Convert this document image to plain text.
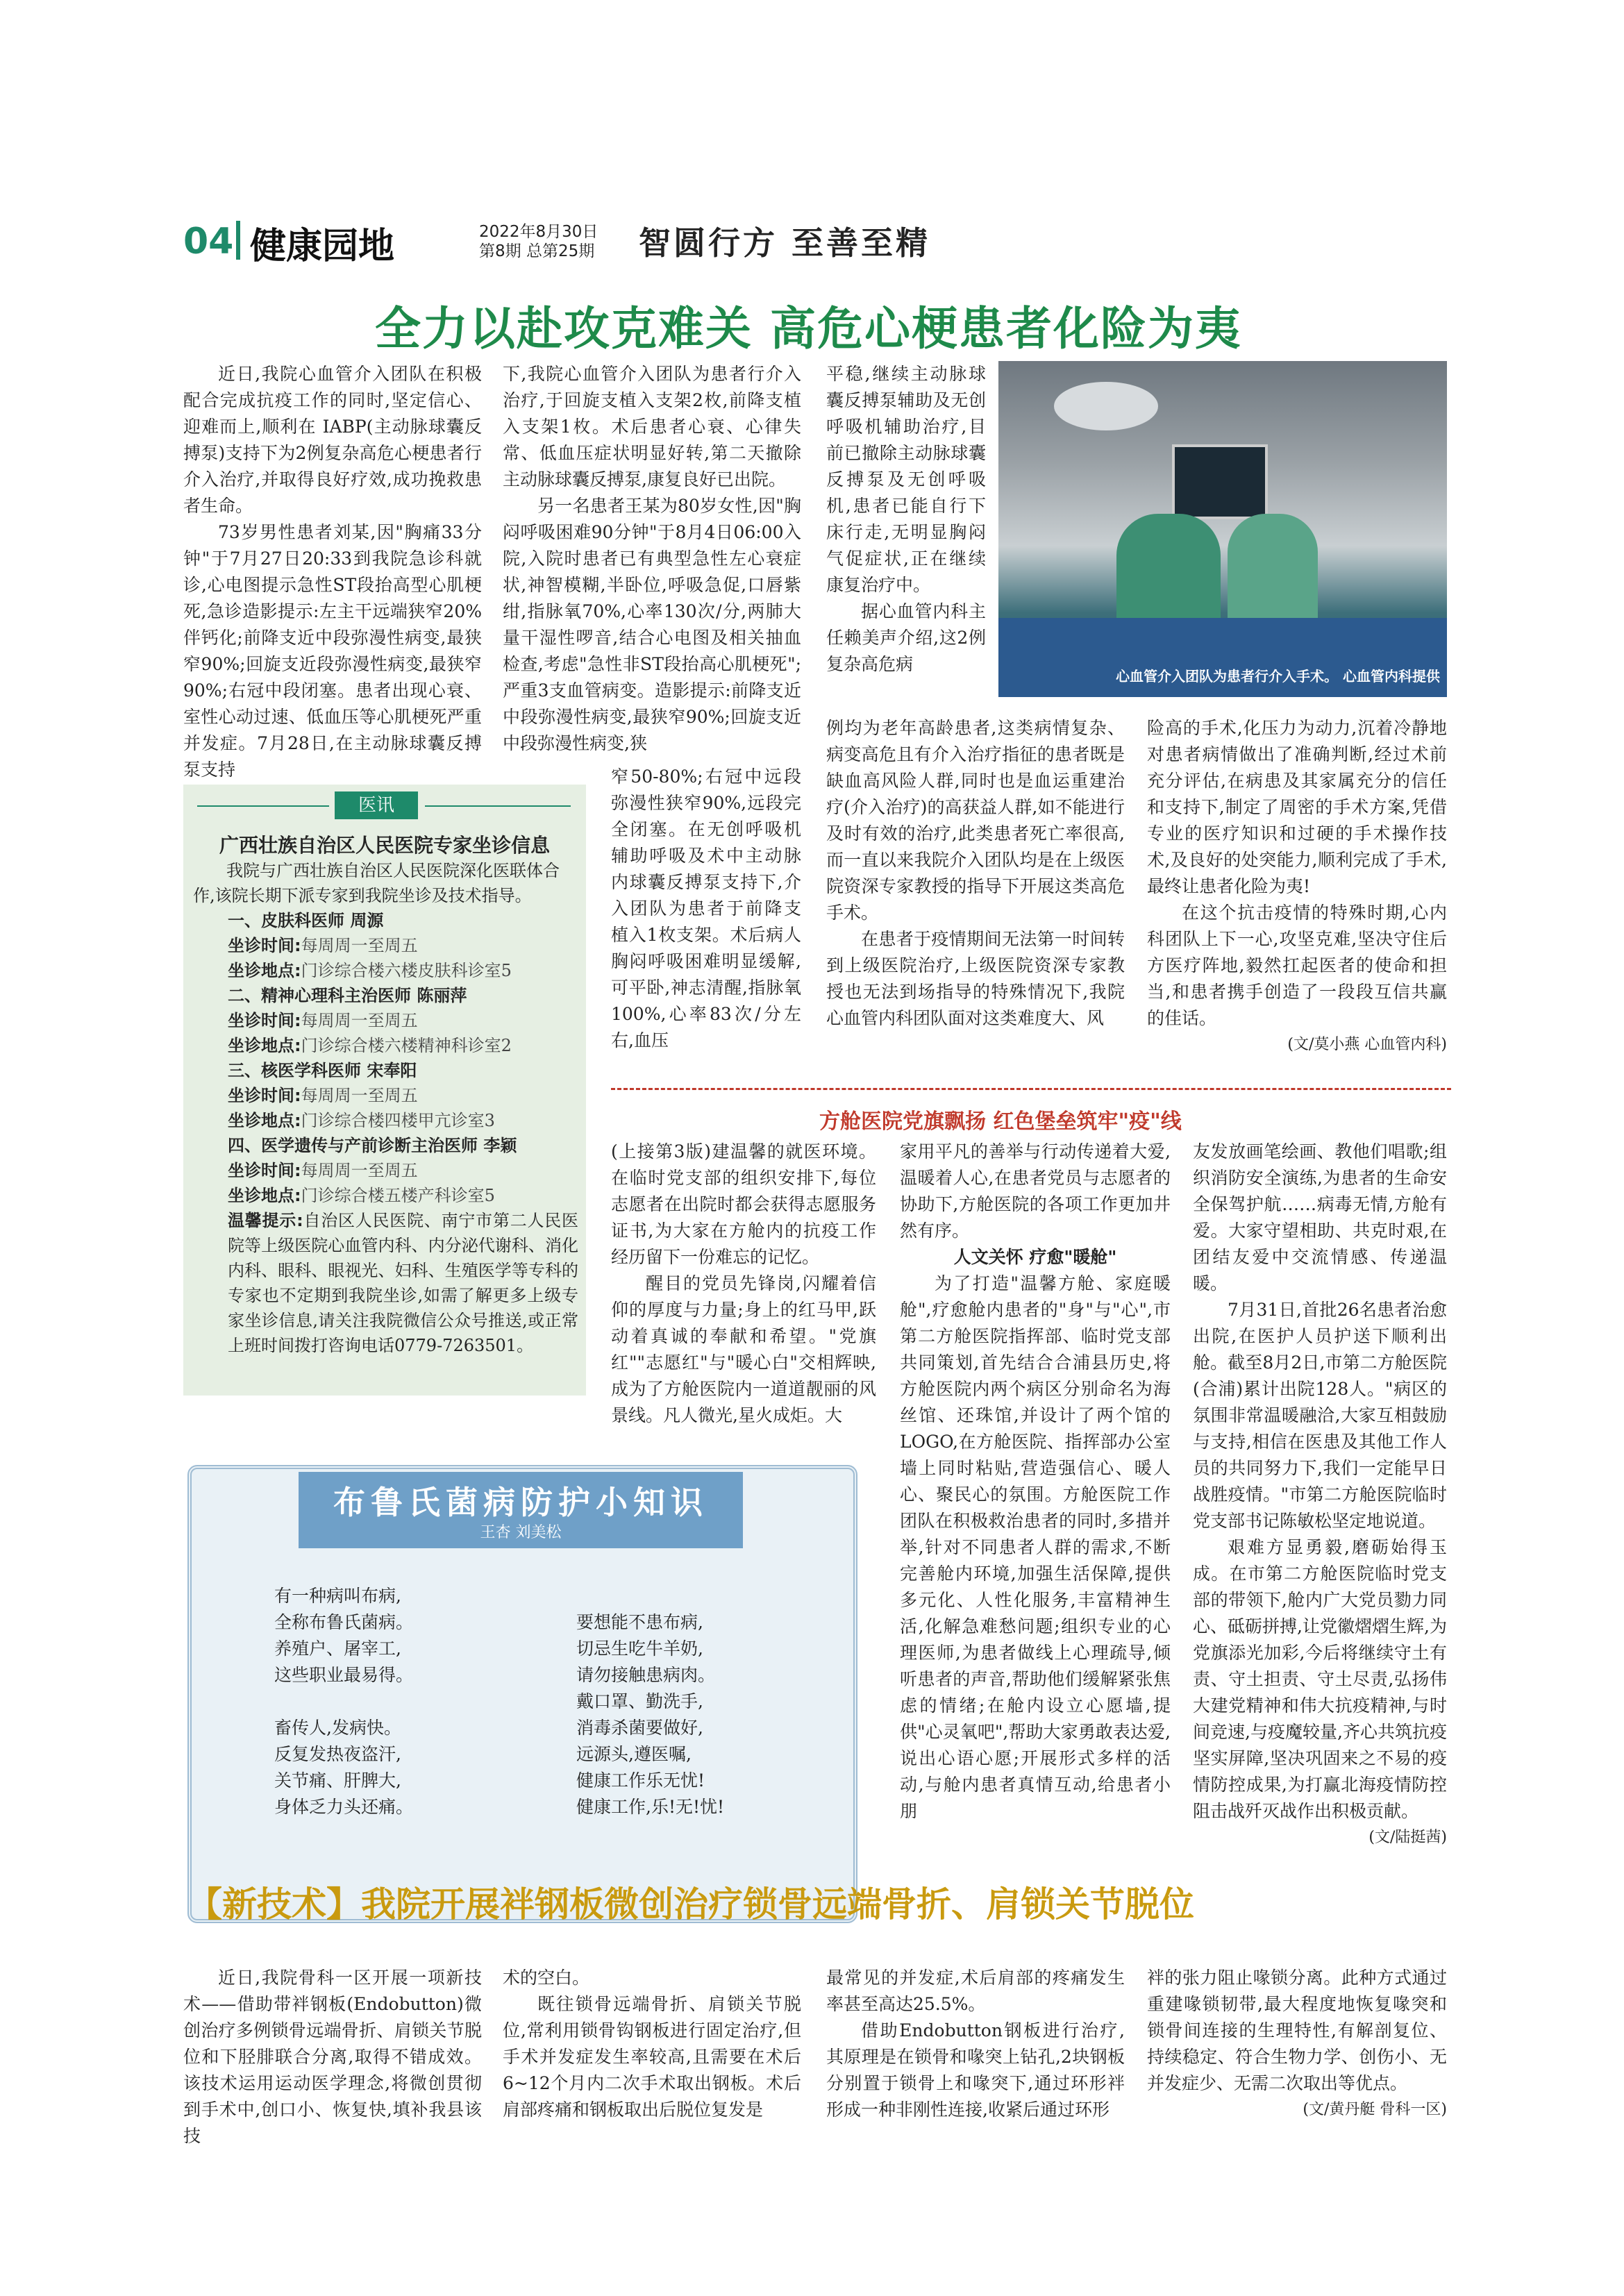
04 健康园地	2022年8月30日
第8期 总第25期 智圆行方 至善至精
全力以赴攻克难关 高危心梗患者化险为夷

近日,我院心血管介入团队在积极配合完成抗疫工作的同时,坚定信心、迎难而上,顺利在 IABP(主动脉球囊反搏泵)支持下为2例复杂高危心梗患者行介入治疗,并取得良好疗效,成功挽救患者生命。

73岁男性患者刘某,因"胸痛33分钟"于7月27日20:33到我院急诊科就诊,心电图提示急性ST段抬高型心肌梗死,急诊造影提示:左主干远端狭窄20%伴钙化;前降支近中段弥漫性病变,最狭窄90%;回旋支近段弥漫性病变,最狭窄90%;右冠中段闭塞。患者出现心衰、室性心动过速、低血压等心肌梗死严重并发症。7月28日,在主动脉球囊反搏泵支持

下,我院心血管介入团队为患者行介入治疗,于回旋支植入支架2枚,前降支植入支架1枚。术后患者心衰、心律失常、低血压症状明显好转,第二天撤除主动脉球囊反搏泵,康复良好已出院。

另一名患者王某为80岁女性,因"胸闷呼吸困难90分钟"于8月4日06:00入院,入院时患者已有典型急性左心衰症状,神智模糊,半卧位,呼吸急促,口唇紫绀,指脉氧70%,心率130次/分,两肺大量干湿性啰音,结合心电图及相关抽血检查,考虑"急性非ST段抬高心肌梗死";严重3支血管病变。造影提示:前降支近中段弥漫性病变,最狭窄90%;回旋支近中段弥漫性病变,狭

窄50-80%;右冠中远段弥漫性狭窄90%,远段完全闭塞。在无创呼吸机辅助呼吸及术中主动脉内球囊反搏泵支持下,介入团队为患者于前降支植入1枚支架。术后病人胸闷呼吸困难明显缓解,可平卧,神志清醒,指脉氧100%,心率83次/分左右,血压

平稳,继续主动脉球囊反搏泵辅助及无创呼吸机辅助治疗,目前已撤除主动脉球囊反搏泵及无创呼吸机,患者已能自行下床行走,无明显胸闷气促症状,正在继续康复治疗中。

据心血管内科主任赖美声介绍,这2例复杂高危病

例均为老年高龄患者,这类病情复杂、病变高危且有介入治疗指征的患者既是缺血高风险人群,同时也是血运重建治疗(介入治疗)的高获益人群,如不能进行及时有效的治疗,此类患者死亡率很高,而一直以来我院介入团队均是在上级医院资深专家教授的指导下开展这类高危手术。

在患者于疫情期间无法第一时间转到上级医院治疗,上级医院资深专家教授也无法到场指导的特殊情况下,我院心血管内科团队面对这类难度大、风

险高的手术,化压力为动力,沉着冷静地对患者病情做出了准确判断,经过术前充分评估,在病患及其家属充分的信任和支持下,制定了周密的手术方案,凭借专业的医疗知识和过硬的手术操作技术,及良好的处突能力,顺利完成了手术,最终让患者化险为夷!

在这个抗击疫情的特殊时期,心内科团队上下一心,攻坚克难,坚决守住后方医疗阵地,毅然扛起医者的使命和担当,和患者携手创造了一段段互信共赢的佳话。

(文/莫小燕 心血管内科)
心血管介入团队为患者行介入手术。 心血管内科提供
医讯
广西壮族自治区人民医院专家坐诊信息

我院与广西壮族自治区人民医院深化医联体合作,该院长期下派专家到我院坐诊及技术指导。

一、皮肤科医师 周源

坐诊时间:每周周一至周五

坐诊地点:门诊综合楼六楼皮肤科诊室5

二、精神心理科主治医师 陈丽萍

坐诊时间:每周周一至周五

坐诊地点:门诊综合楼六楼精神科诊室2

三、核医学科医师 宋奉阳

坐诊时间:每周周一至周五

坐诊地点:门诊综合楼四楼甲亢诊室3

四、医学遗传与产前诊断主治医师 李颖

坐诊时间:每周周一至周五

坐诊地点:门诊综合楼五楼产科诊室5

温馨提示:自治区人民医院、南宁市第二人民医院等上级医院心血管内科、内分泌代谢科、消化内科、眼科、眼视光、妇科、生殖医学等专科的专家也不定期到我院坐诊,如需了解更多上级专家坐诊信息,请关注我院微信公众号推送,或正常上班时间拨打咨询电话0779-7263501。

方舱医院党旗飘扬 红色堡垒筑牢"疫"线

(上接第3版)建温馨的就医环境。在临时党支部的组织安排下,每位志愿者在出院时都会获得志愿服务证书,为大家在方舱内的抗疫工作经历留下一份难忘的记忆。

醒目的党员先锋岗,闪耀着信仰的厚度与力量;身上的红马甲,跃动着真诚的奉献和希望。"党旗红""志愿红"与"暖心白"交相辉映,成为了方舱医院内一道道靓丽的风景线。凡人微光,星火成炬。大

家用平凡的善举与行动传递着大爱,温暖着人心,在患者党员与志愿者的协助下,方舱医院的各项工作更加井然有序。

人文关怀 疗愈"暖舱"

为了打造"温馨方舱、家庭暖舱",疗愈舱内患者的"身"与"心",市第二方舱医院指挥部、临时党支部共同策划,首先结合合浦县历史,将方舱医院内两个病区分别命名为海丝馆、还珠馆,并设计了两个馆的LOGO,在方舱医院、指挥部办公室墙上同时粘贴,营造强信心、暖人心、聚民心的氛围。方舱医院工作团队在积极救治患者的同时,多措并举,针对不同患者人群的需求,不断完善舱内环境,加强生活保障,提供多元化、人性化服务,丰富精神生活,化解急难愁问题;组织专业的心理医师,为患者做线上心理疏导,倾听患者的声音,帮助他们缓解紧张焦虑的情绪;在舱内设立心愿墙,提供"心灵氧吧",帮助大家勇敢表达爱,说出心语心愿;开展形式多样的活动,与舱内患者真情互动,给患者小朋

友发放画笔绘画、教他们唱歌;组织消防安全演练,为患者的生命安全保驾护航……病毒无情,方舱有爱。大家守望相助、共克时艰,在团结友爱中交流情感、传递温暖。

7月31日,首批26名患者治愈出院,在医护人员护送下顺利出舱。截至8月2日,市第二方舱医院(合浦)累计出院128人。"病区的氛围非常温暖融洽,大家互相鼓励与支持,相信在医患及其他工作人员的共同努力下,我们一定能早日战胜疫情。"市第二方舱医院临时党支部书记陈敏松坚定地说道。

艰难方显勇毅,磨砺始得玉成。在市第二方舱医院临时党支部的带领下,舱内广大党员勠力同心、砥砺拼搏,让党徽熠熠生辉,为党旗添光加彩,今后将继续守土有责、守土担责、守土尽责,弘扬伟大建党精神和伟大抗疫精神,与时间竞速,与疫魔较量,齐心共筑抗疫坚实屏障,坚决巩固来之不易的疫情防控成果,为打赢北海疫情防控阻击战歼灭战作出积极贡献。

(文/陆挺茜)
布鲁氏菌病防护小知识
王杏 刘美松
有一种病叫布病,
全称布鲁氏菌病。
养殖户、屠宰工,
这些职业最易得。
畜传人,发病快。
反复发热夜盗汗,
关节痛、肝脾大,
身体乏力头还痛。
要想能不患布病,
切忌生吃牛羊奶,
请勿接触患病肉。
戴口罩、勤洗手,
消毒杀菌要做好,
远源头,遵医嘱,
健康工作乐无忧!
健康工作,乐!无!忧!
【新技术】我院开展袢钢板微创治疗锁骨远端骨折、肩锁关节脱位

近日,我院骨科一区开展一项新技术——借助带袢钢板(Endobutton)微创治疗多例锁骨远端骨折、肩锁关节脱位和下胫腓联合分离,取得不错成效。该技术运用运动医学理念,将微创贯彻到手术中,创口小、恢复快,填补我县该技

术的空白。

既往锁骨远端骨折、肩锁关节脱位,常利用锁骨钩钢板进行固定治疗,但手术并发症发生率较高,且需要在术后6~12个月内二次手术取出钢板。术后肩部疼痛和钢板取出后脱位复发是

最常见的并发症,术后肩部的疼痛发生率甚至高达25.5%。

借助Endobutton钢板进行治疗,其原理是在锁骨和喙突上钻孔,2块钢板分别置于锁骨上和喙突下,通过环形袢形成一种非刚性连接,收紧后通过环形

袢的张力阻止喙锁分离。此种方式通过重建喙锁韧带,最大程度地恢复喙突和锁骨间连接的生理特性,有解剖复位、持续稳定、符合生物力学、创伤小、无并发症少、无需二次取出等优点。

(文/黄丹艇 骨科一区)
